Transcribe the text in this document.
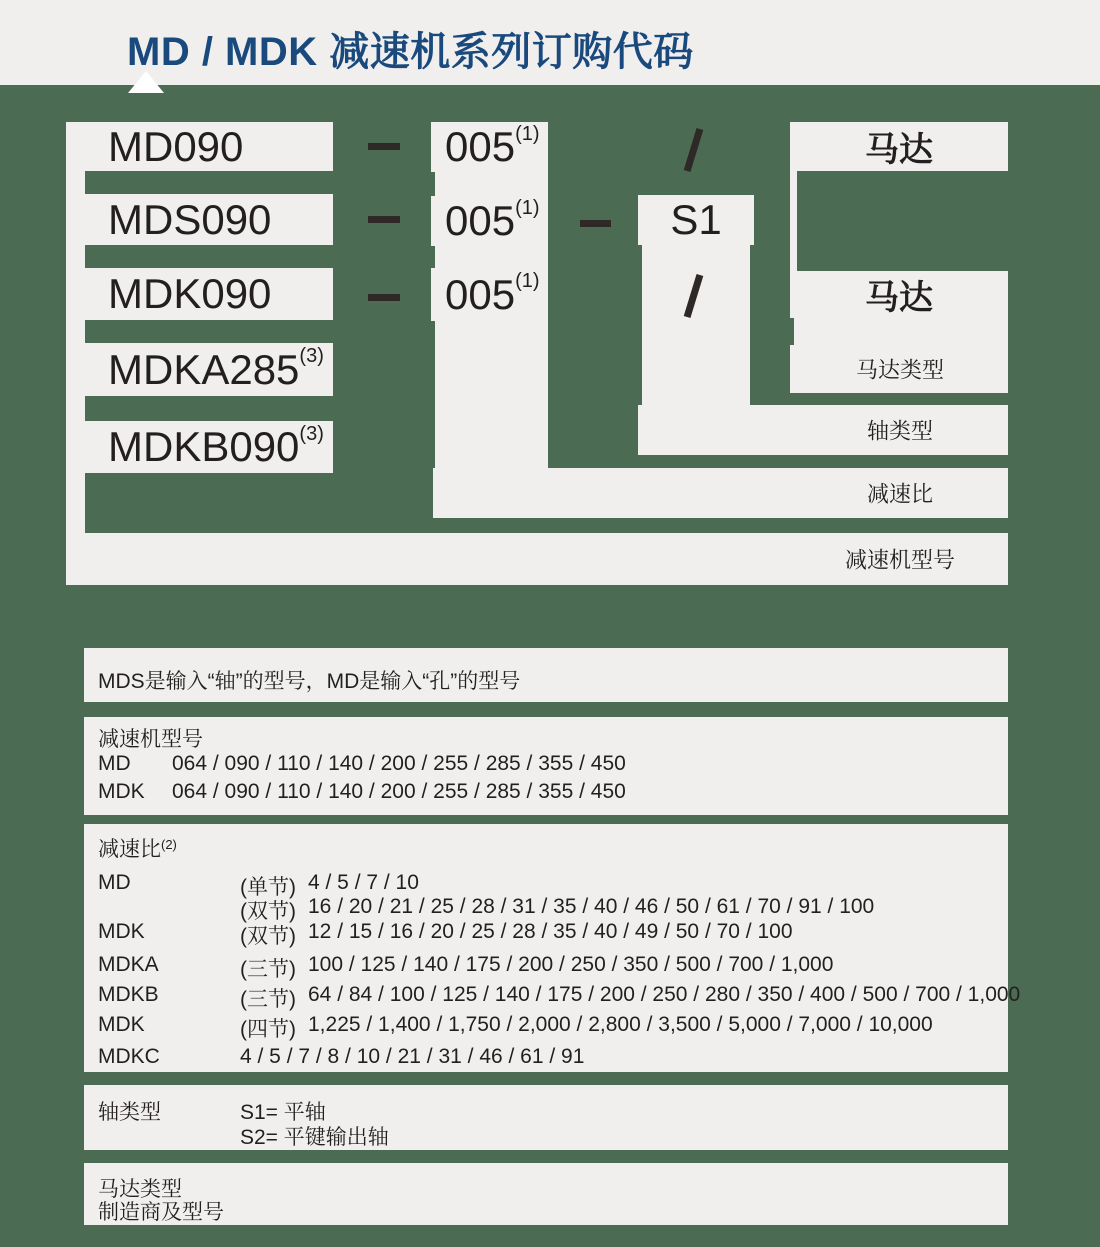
MD / MDK 减速机系列订购代码
MD090
MDS090
MDK090
MDKA285 (3)
MDKB090 (3)
005 (1)
005 (1)
005 (1)
S1
马达
马达
马达类型
轴类型
减速比
减速机型号
MDS是输入“轴”的型号，MD是输入“孔”的型号
减速机型号
MD	064 / 090 / 110 / 140 / 200 / 255 / 285 / 355 / 450
MDK	064 / 090 / 110 / 140 / 200 / 255 / 285 / 355 / 450
减速比$^{(2)}$
MD	(单节) 4 / 5 / 7 / 10
(双节) 16 / 20 / 21 / 25 / 28 / 31 / 35 / 40 / 46 / 50 / 61 / 70 / 91 / 100
MDK	(双节) 12 / 15 / 16 / 20 / 25 / 28 / 35 / 40 / 49 / 50 / 70 / 100
MDKA	(三节) 100 / 125 / 140 / 175 / 200 / 250 / 350 / 500 / 700 / 1,000
MDKB	(三节) 64 / 84 / 100 / 125 / 140 / 175 / 200 / 250 / 280 / 350 / 400 / 500 / 700 / 1,000
MDK	(四节) 1,225 / 1,400 / 1,750 / 2,000 / 2,800 / 3,500 / 5,000 / 7,000 / 10,000
MDKC	4 / 5 / 7 / 8 / 10 / 21 / 31 / 46 / 61 / 91
轴类型	S1= 平轴
S2= 平键输出轴
马达类型
制造商及型号
